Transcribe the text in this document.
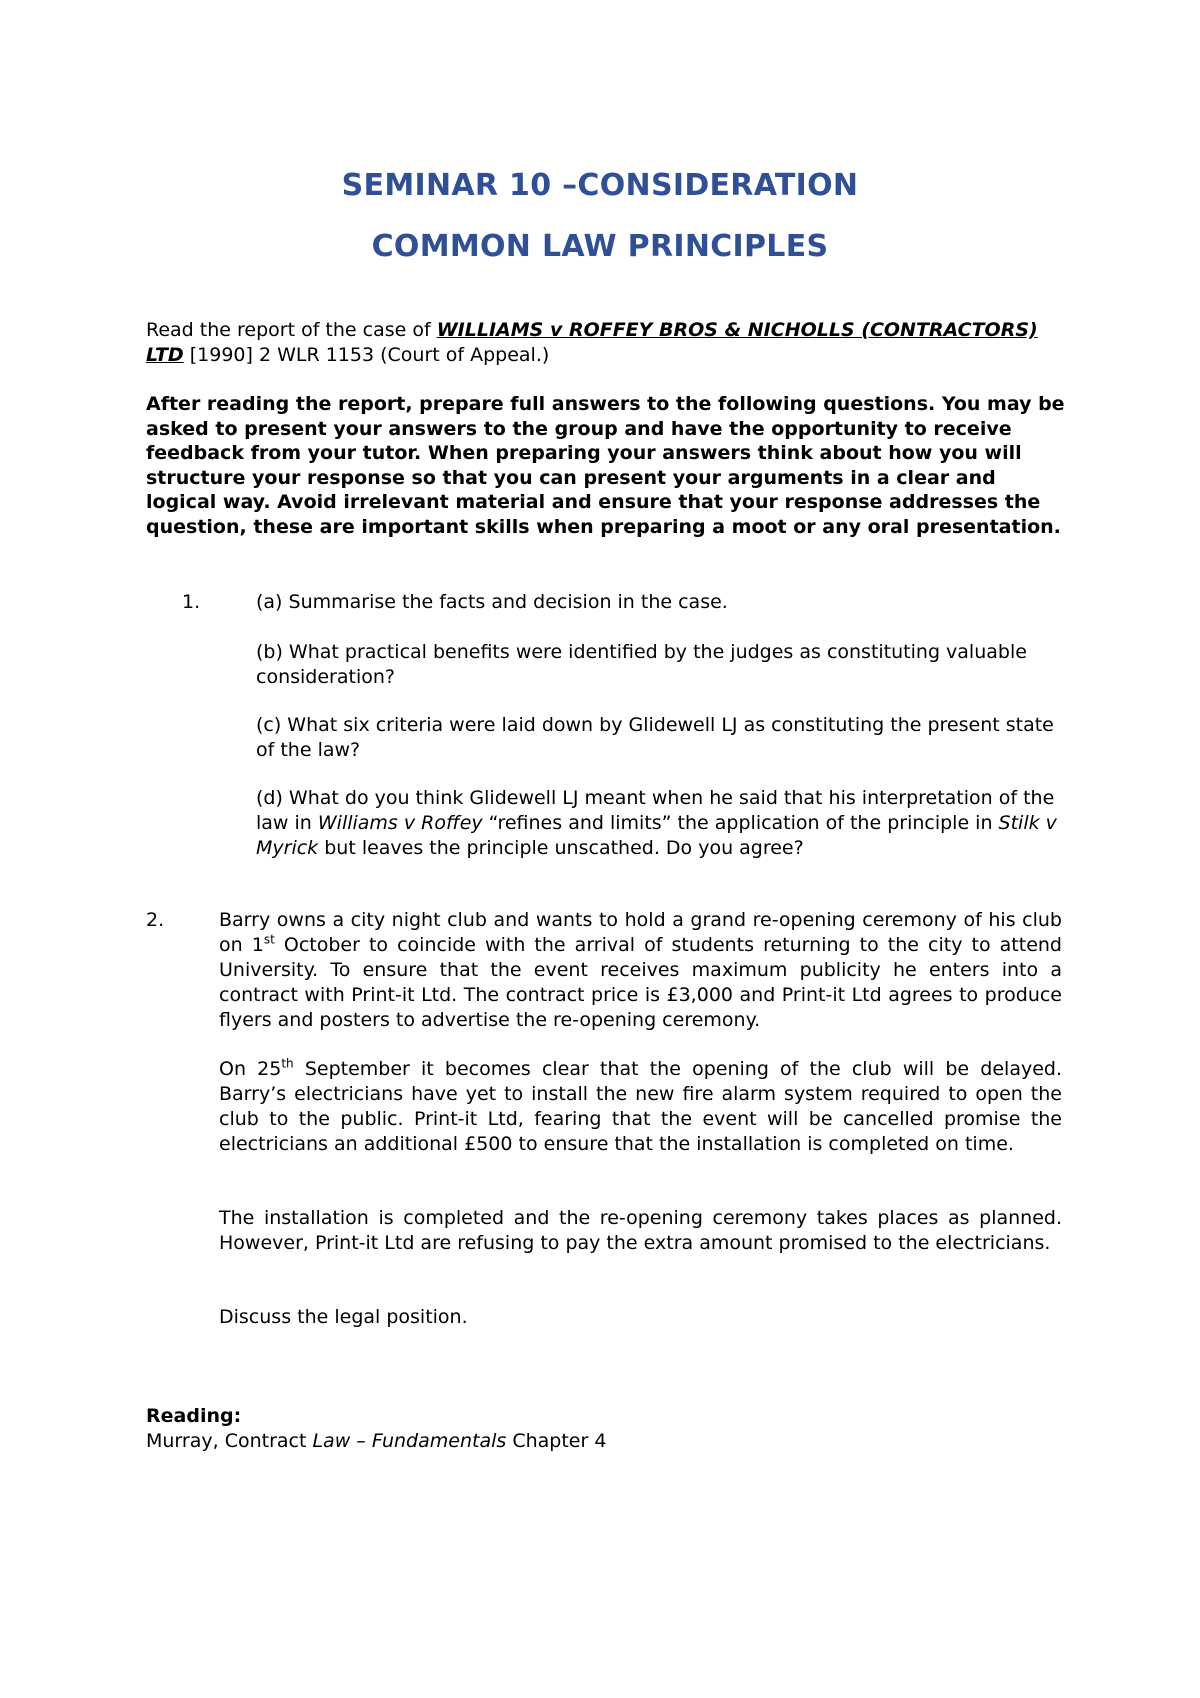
SEMINAR 10 –CONSIDERATION
COMMON LAW PRINCIPLES
Read the report of the case of WILLIAMS v ROFFEY BROS & NICHOLLS (CONTRACTORS) LTD [1990] 2 WLR 1153 (Court of Appeal.)
After reading the report, prepare full answers to the following questions. You may be asked to present your answers to the group and have the opportunity to receive feedback from your tutor. When preparing your answers think about how you will structure your response so that you can present your arguments in a clear and logical way. Avoid irrelevant material and ensure that your response addresses the question, these are important skills when preparing a moot or any oral presentation.
1.	(a) Summarise the facts and decision in the case.
(b) What practical benefits were identified by the judges as constituting valuable consideration?
(c) What six criteria were laid down by Glidewell LJ as constituting the present state of the law?
(d) What do you think Glidewell LJ meant when he said that his interpretation of the law in Williams v Roffey “refines and limits” the application of the principle in Stilk v Myrick but leaves the principle unscathed. Do you agree?
2.	Barry owns a city night club and wants to hold a grand re-opening ceremony of his club on 1st October to coincide with the arrival of students returning to the city to attend University. To ensure that the event receives maximum publicity he enters into a contract with Print-it Ltd. The contract price is £3,000 and Print-it Ltd agrees to produce flyers and posters to advertise the re-opening ceremony.
On 25th September it becomes clear that the opening of the club will be delayed. Barry’s electricians have yet to install the new fire alarm system required to open the club to the public. Print-it Ltd, fearing that the event will be cancelled promise the electricians an additional £500 to ensure that the installation is completed on time.
The installation is completed and the re-opening ceremony takes places as planned. However, Print-it Ltd are refusing to pay the extra amount promised to the electricians.
Discuss the legal position.
Reading:
Murray, Contract Law – Fundamentals Chapter 4
